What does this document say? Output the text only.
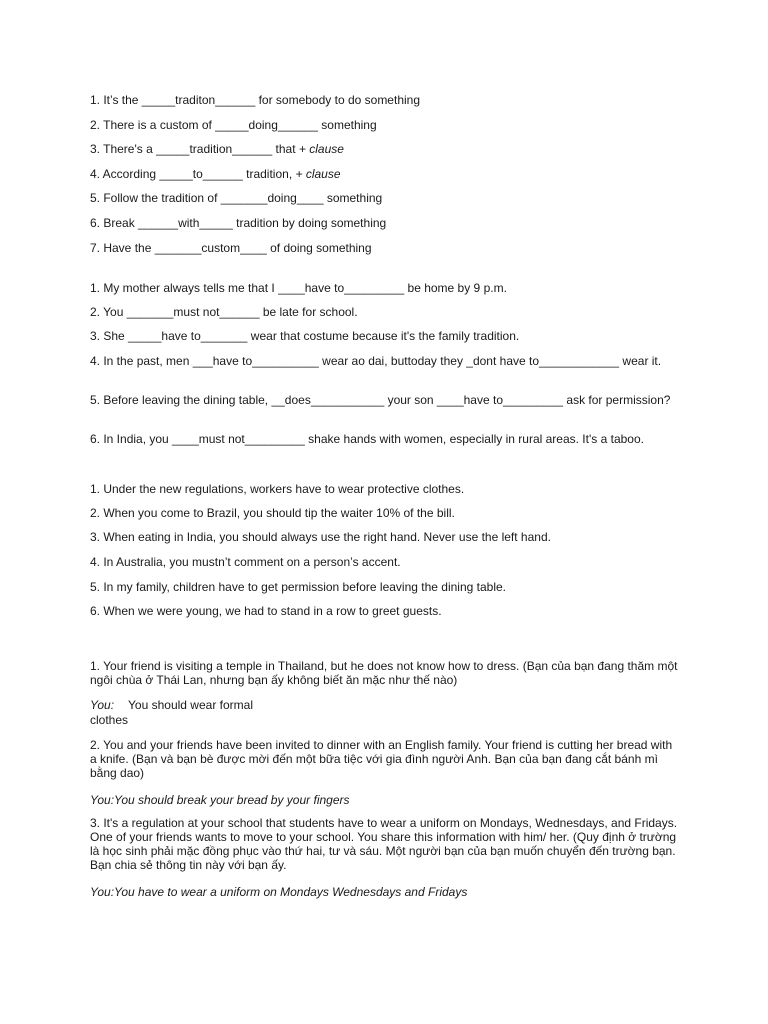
1. It’s the _____traditon______ for somebody to do something
2. There is a custom of _____doing______ something
3. There's a _____tradition______ that + clause
4. According _____to______ tradition, + clause
5. Follow the tradition of _______doing____ something
6. Break ______with_____ tradition by doing something
7. Have the _______custom____ of doing something
1. My mother always tells me that I ____have to_________ be home by 9 p.m.
2. You _______must not______ be late for school.
3. She _____have to_______ wear that costume because it's the family tradition.
4. In the past, men ___have to__________ wear ao dai, buttoday they _dont have to____________ wear it.
5. Before leaving the dining table, __does___________ your son ____have to_________ ask for permission?
6. In India, you ____must not_________ shake hands with women, especially in rural areas. It's a taboo.
1. Under the new regulations, workers have to wear protective clothes.
2. When you come to Brazil, you should tip the waiter 10% of the bill.
3. When eating in India, you should always use the right hand. Never use the left hand.
4. In Australia, you mustn’t comment on a person’s accent.
5. In my family, children have to get permission before leaving the dining table.
6. When we were young, we had to stand in a row to greet guests.
1. Your friend is visiting a temple in Thailand, but he does not know how to dress. (Bạn của bạn đang thăm một ngôi chùa ở Thái Lan, nhưng bạn ấy không biết ăn mặc như thế nào)
You: You should wear formal
clothes
2. You and your friends have been invited to dinner with an English family. Your friend is cutting her bread with a knife. (Bạn và bạn bè được mời đến một bữa tiệc với gia đình người Anh. Bạn của bạn đang cắt bánh mì bằng dao)
You:You should break your bread by your fingers
3. It's a regulation at your school that students have to wear a uniform on Mondays, Wednesdays, and Fridays. One of your friends wants to move to your school. You share this information with him/ her. (Quy định ở trường là học sinh phải mặc đồng phục vào thứ hai, tư và sáu. Một người bạn của bạn muốn chuyển đến trường bạn. Bạn chia sẻ thông tin này với bạn ấy.
You:You have to wear a uniform on Mondays Wednesdays and Fridays
